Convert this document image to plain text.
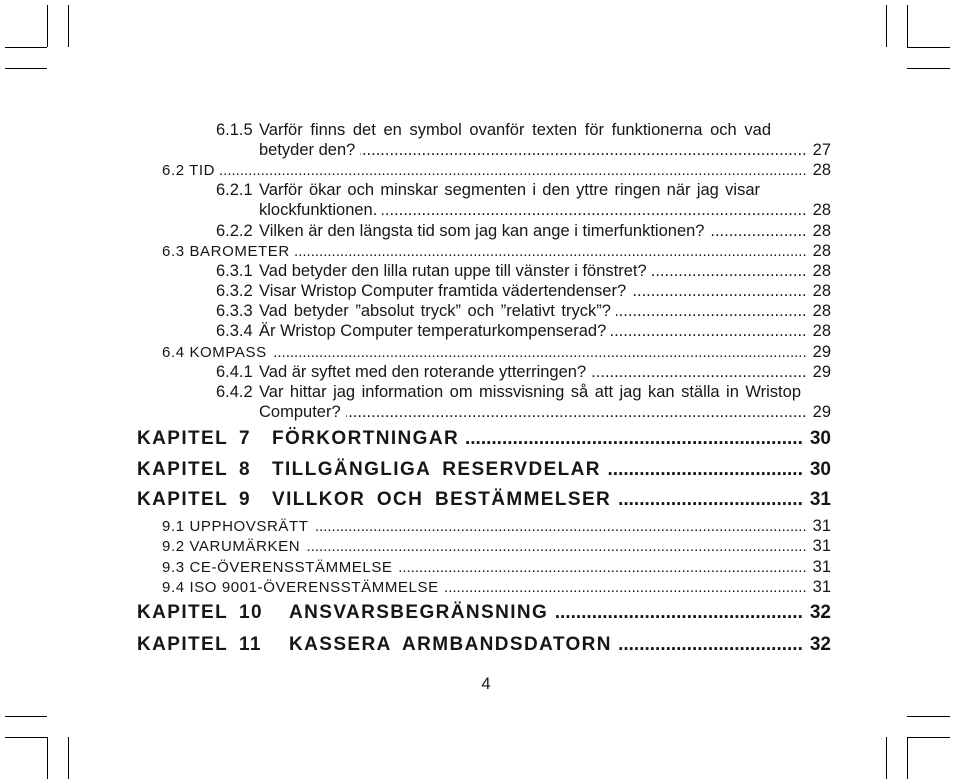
6.1.5 Varför finns det en symbol ovanför texten för funktionerna och vad
betyder den? .....	27
6.2 TID .....	28
6.2.1 Varför ökar och minskar segmenten i den yttre ringen när jag visar
klockfunktionen. .....	28
6.2.2 Vilken är den längsta tid som jag kan ange i timerfunktionen? .....	28
6.3 BAROMETER .....	28
6.3.1 Vad betyder den lilla rutan uppe till vänster i fönstret? .....	28
6.3.2 Visar Wristop Computer framtida vädertendenser? .....	28
6.3.3 Vad betyder ”absolut tryck” och ”relativt tryck”? .....	28
6.3.4 Är Wristop Computer temperaturkompenserad? .....	28
6.4 KOMPASS .....	29
6.4.1 Vad är syftet med den roterande ytterringen? .....	29
6.4.2 Var hittar jag information om missvisning så att jag kan ställa in Wristop
Computer? .....	29
KAPITEL 7	FÖRKORTNINGAR .....	30
KAPITEL 8	TILLGÄNGLIGA RESERVDELAR .....	30
KAPITEL 9	VILLKOR OCH BESTÄMMELSER .....	31
9.1 UPPHOVSRÄTT .....	31
9.2 VARUMÄRKEN .....	31
9.3 CE-ÖVERENSSTÄMMELSE .....	31
9.4 ISO 9001-ÖVERENSSTÄMMELSE .....	31
KAPITEL 10	ANSVARSBEGRÄNSNING .....	32
KAPITEL 11	KASSERA ARMBANDSDATORN .....	32
4
